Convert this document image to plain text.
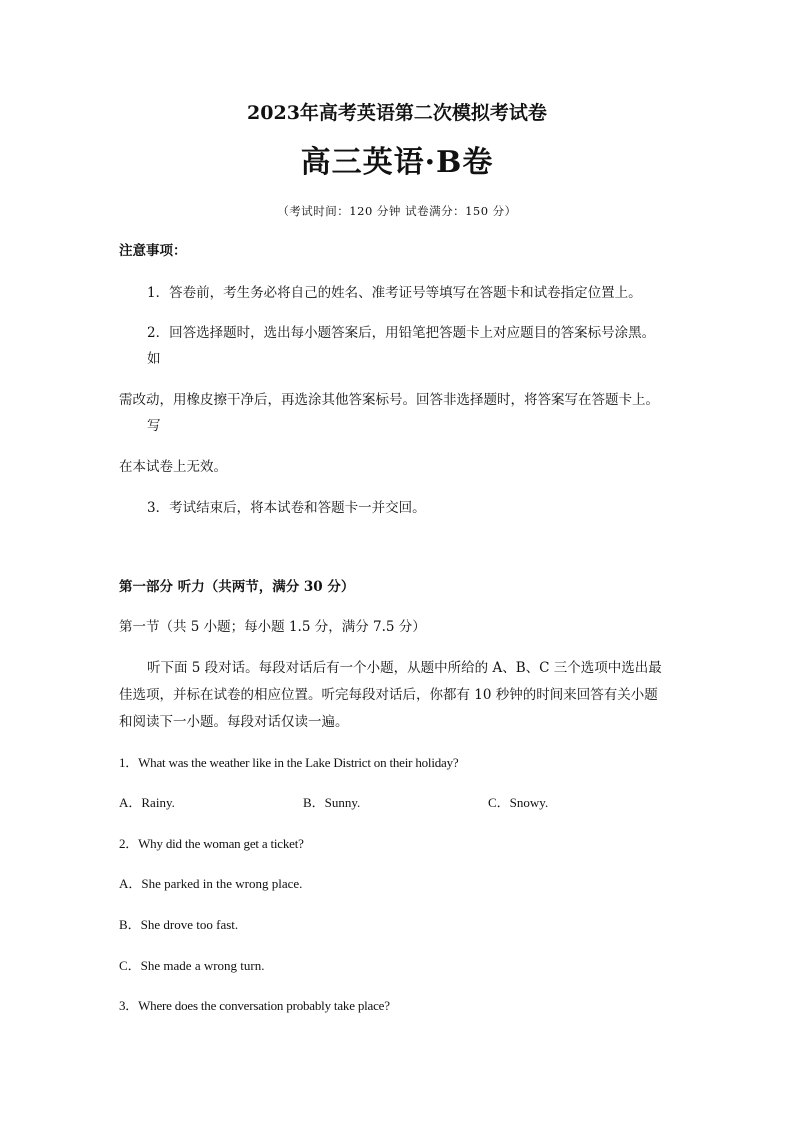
2023年高考英语第二次模拟考试卷
高三英语·B卷
（考试时间：120 分钟 试卷满分：150 分）
注意事项：
1．答卷前，考生务必将自己的姓名、准考证号等填写在答题卡和试卷指定位置上。
2．回答选择题时，选出每小题答案后，用铅笔把答题卡上对应题目的答案标号涂黑。
如
需改动，用橡皮擦干净后，再选涂其他答案标号。回答非选择题时，将答案写在答题卡上。
写
在本试卷上无效。
3．考试结束后，将本试卷和答题卡一并交回。
第一部分 听力（共两节，满分 30 分）
第一节（共 5 小题；每小题 1.5 分，满分 7.5 分）
听下面 5 段对话。每段对话后有一个小题，从题中所给的 A、B、C 三个选项中选出最
佳选项，并标在试卷的相应位置。听完每段对话后，你都有 10 秒钟的时间来回答有关小题
和阅读下一小题。每段对话仅读一遍。
1．What was the weather like in the Lake District on their holiday?
A．Rainy.	B．Sunny.	C．Snowy.
2．Why did the woman get a ticket?
A．She parked in the wrong place.
B．She drove too fast.
C．She made a wrong turn.
3．Where does the conversation probably take place?
